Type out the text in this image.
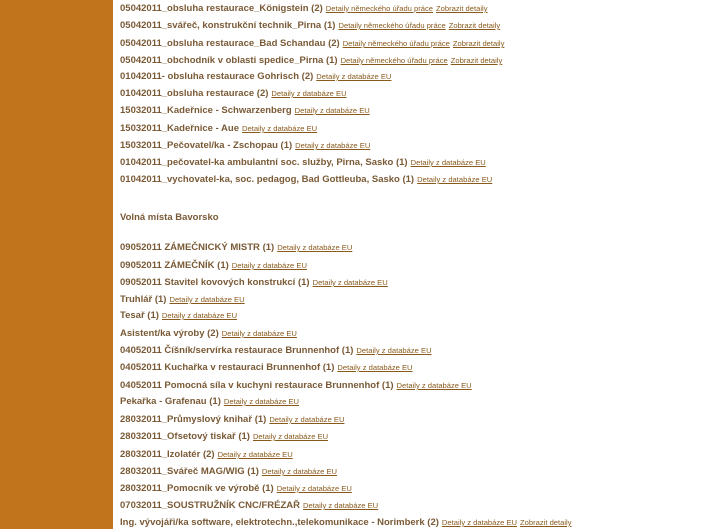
05042011_obsluha restaurace_Königstein (2) Detaily německého úřadu práce Zobrazit detaily
05042011_svářeč, konstrukční technik_Pirna (1) Detaily německého úřadu práce Zobrazit detaily
05042011_obsluha restaurace_Bad Schandau (2) Detaily německého úřadu práce Zobrazit detaily
05042011_obchodník v oblasti spedice_Pirna (1) Detaily německého úřadu práce Zobrazit detaily
01042011- obsluha restaurace Gohrisch (2) Detaily z databáze EU
01042011_obsluha restaurace (2) Detaily z databáze EU
15032011_Kadeřnice - Schwarzenberg Detaily z databáze EU
15032011_Kadeřnice - Aue Detaily z databáze EU
15032011_Pečovatel/ka - Zschopau (1) Detaily z databáze EU
01042011_pečovatel-ka ambulantní soc. služby, Pirna, Sasko (1) Detaily z databáze EU
01042011_vychovatel-ka, soc. pedagog, Bad Gottleuba, Sasko (1) Detaily z databáze EU
Volná místa Bavorsko
09052011 ZÁMEČNICKÝ MISTR (1) Detaily z databáze EU
09052011 ZÁMEČNÍK (1) Detaily z databáze EU
09052011 Stavitel kovových konstrukcí (1) Detaily z databáze EU
Truhlář (1) Detaily z databáze EU
Tesař (1) Detaily z databáze EU
Asistent/ka výroby (2) Detaily z databáze EU
04052011 Číšník/servírka restaurace Brunnenhof (1) Detaily z databáze EU
04052011 Kuchařka v restauraci Brunnenhof (1) Detaily z databáze EU
04052011 Pomocná síla v kuchyni restaurace Brunnenhof (1) Detaily z databáze EU
Pekařka - Grafenau (1) Detaily z databáze EU
28032011_Průmyslový knihař (1) Detaily z databáze EU
28032011_Ofsetový tiskař (1) Detaily z databáze EU
28032011_Izolatér (2) Detaily z databáze EU
28032011_Svářeč MAG/WIG (1) Detaily z databáze EU
28032011_Pomocník ve výrobě (1) Detaily z databáze EU
07032011_SOUSTRUŽNÍK CNC/FRÉZAŘ Detaily z databáze EU
Ing. vývojáři/ka software, elektrotechn.,telekomunikace - Norimberk (2) Detaily z databáze EU Zobrazit detaily
